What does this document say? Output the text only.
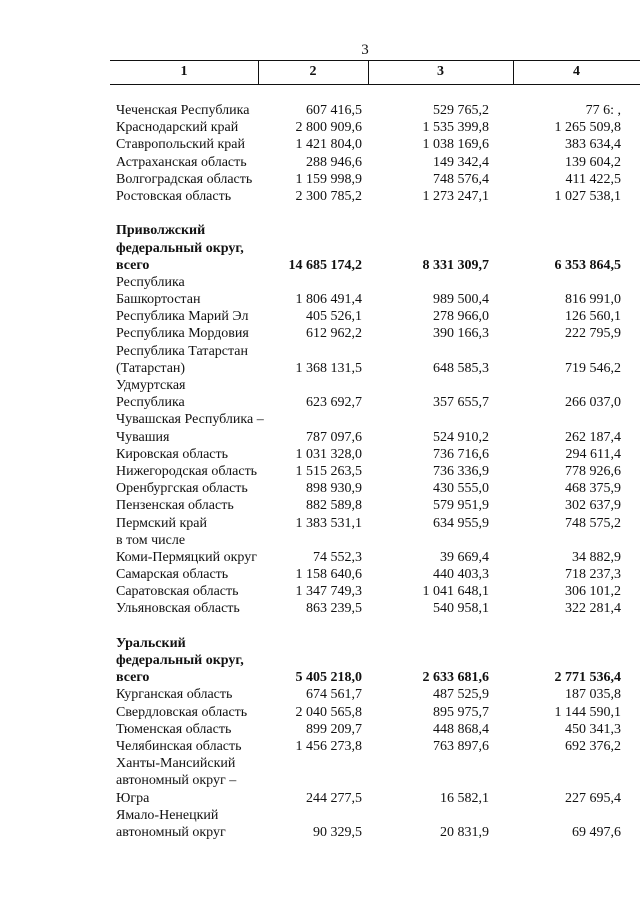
3
1	2	3	4
Чеченская Республика	607 416,5	529 765,2	77 6: ,
Краснодарский край	2 800 909,6	1 535 399,8	1 265 509,8
Ставропольский край	1 421 804,0	1 038 169,6	383 634,4
Астраханская область	288 946,6	149 342,4	139 604,2
Волгоградская область	1 159 998,9	748 576,4	411 422,5
Ростовская область	2 300 785,2	1 273 247,1	1 027 538,1
Приволжский
федеральный округ,
всего	14 685 174,2	8 331 309,7	6 353 864,5
Республика
Башкортостан	1 806 491,4	989 500,4	816 991,0
Республика Марий Эл	405 526,1	278 966,0	126 560,1
Республика Мордовия	612 962,2	390 166,3	222 795,9
Республика Татарстан
(Татарстан)	1 368 131,5	648 585,3	719 546,2
Удмуртская
Республика	623 692,7	357 655,7	266 037,0
Чувашская Республика –
Чувашия	787 097,6	524 910,2	262 187,4
Кировская область	1 031 328,0	736 716,6	294 611,4
Нижегородская область	1 515 263,5	736 336,9	778 926,6
Оренбургская область	898 930,9	430 555,0	468 375,9
Пензенская область	882 589,8	579 951,9	302 637,9
Пермский край	1 383 531,1	634 955,9	748 575,2
в том числе
Коми-Пермяцкий округ	74 552,3	39 669,4	34 882,9
Самарская область	1 158 640,6	440 403,3	718 237,3
Саратовская область	1 347 749,3	1 041 648,1	306 101,2
Ульяновская область	863 239,5	540 958,1	322 281,4
Уральский
федеральный округ,
всего	5 405 218,0	2 633 681,6	2 771 536,4
Курганская область	674 561,7	487 525,9	187 035,8
Свердловская область	2 040 565,8	895 975,7	1 144 590,1
Тюменская область	899 209,7	448 868,4	450 341,3
Челябинская область	1 456 273,8	763 897,6	692 376,2
Ханты-Мансийский
автономный округ –
Югра	244 277,5	16 582,1	227 695,4
Ямало-Ненецкий
автономный округ	90 329,5	20 831,9	69 497,6
